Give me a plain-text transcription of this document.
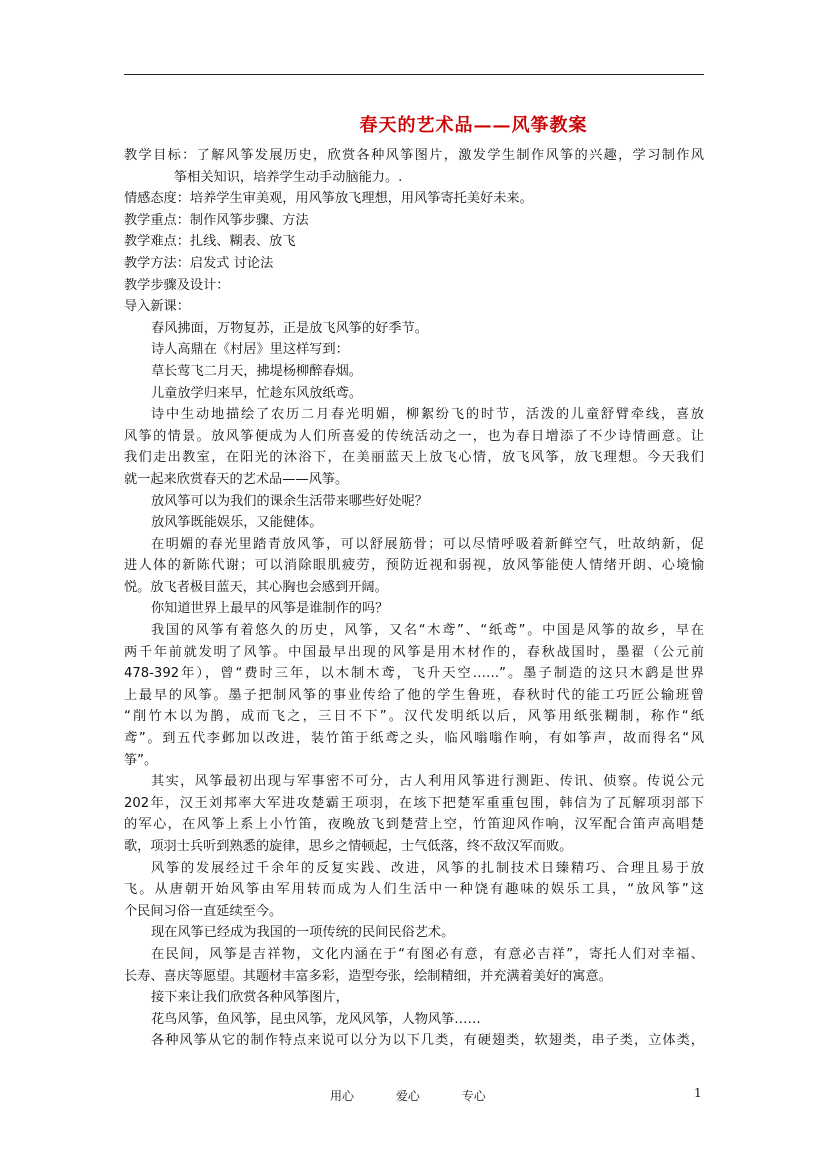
春天的艺术品——风筝教案
教学目标：了解风筝发展历史，欣赏各种风筝图片，激发学生制作风筝的兴趣，学习制作风
筝相关知识，培养学生动手动脑能力。.
情感态度：培养学生审美观，用风筝放飞理想，用风筝寄托美好未来。
教学重点：制作风筝步骤、方法
教学难点：扎线、糊表、放飞
教学方法：启发式 讨论法
教学步骤及设计：
导入新课：
春风拂面，万物复苏，正是放飞风筝的好季节。
诗人高鼎在《村居》里这样写到：
草长莺飞二月天，拂堤杨柳醉春烟。
儿童放学归来早，忙趁东风放纸鸢。
诗中生动地描绘了农历二月春光明媚，柳絮纷飞的时节，活泼的儿童舒臂牵线，喜放
风筝的情景。放风筝便成为人们所喜爱的传统活动之一，也为春日增添了不少诗情画意。让
我们走出教室，在阳光的沐浴下，在美丽蓝天上放飞心情，放飞风筝，放飞理想。今天我们
就一起来欣赏春天的艺术品——风筝。
放风筝可以为我们的课余生活带来哪些好处呢？
放风筝既能娱乐，又能健体。
在明媚的春光里踏青放风筝，可以舒展筋骨；可以尽情呼吸着新鲜空气，吐故纳新，促
进人体的新陈代谢；可以消除眼肌疲劳，预防近视和弱视，放风筝能使人情绪开朗、心境愉
悦。放飞者极目蓝天，其心胸也会感到开阔。
你知道世界上最早的风筝是谁制作的吗？
我国的风筝有着悠久的历史，风筝，又名“木鸢”、“纸鸢”。中国是风筝的故乡，早在
两千年前就发明了风筝。中国最早出现的风筝是用木材作的，春秋战国时，墨翟（公元前
478-392年），曾“费时三年，以木制木鸢，飞升天空……”。墨子制造的这只木鹞是世界
上最早的风筝。墨子把制风筝的事业传给了他的学生鲁班，春秋时代的能工巧匠公输班曾
“削竹木以为鹊，成而飞之，三日不下”。汉代发明纸以后，风筝用纸张糊制，称作“纸
鸢”。到五代李邺加以改进，装竹笛于纸鸢之头，临风嗡嗡作响，有如筝声，故而得名“风
筝”。
其实，风筝最初出现与军事密不可分，古人利用风筝进行测距、传讯、侦察。传说公元
202年，汉王刘邦率大军进攻楚霸王项羽，在垓下把楚军重重包围，韩信为了瓦解项羽部下
的军心，在风筝上系上小竹笛，夜晚放飞到楚营上空，竹笛迎风作响，汉军配合笛声高唱楚
歌，项羽士兵听到熟悉的旋律，思乡之情顿起，士气低落，终不敌汉军而败。
风筝的发展经过千余年的反复实践、改进，风筝的扎制技术日臻精巧、合理且易于放
飞。从唐朝开始风筝由军用转而成为人们生活中一种饶有趣味的娱乐工具，“放风筝”这
个民间习俗一直延续至今。
现在风筝已经成为我国的一项传统的民间民俗艺术。
在民间，风筝是吉祥物，文化内涵在于“有图必有意，有意必吉祥”，寄托人们对幸福、
长寿、喜庆等愿望。其题材丰富多彩，造型夸张，绘制精细，并充满着美好的寓意。
接下来让我们欣赏各种风筝图片，
花鸟风筝，鱼风筝，昆虫风筝，龙风风筝，人物风筝……
各种风筝从它的制作特点来说可以分为以下几类，有硬翅类，软翅类，串子类，立体类，
用心	爱心	专心	1
